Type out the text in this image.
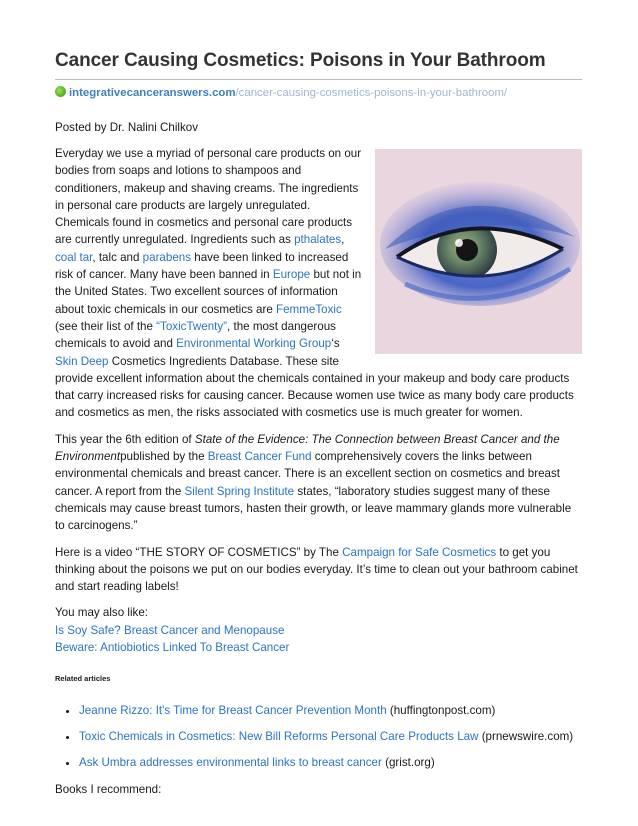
Cancer Causing Cosmetics: Poisons in Your Bathroom
integrativecanceranswers.com/cancer-causing-cosmetics-poisons-in-your-bathroom/
Posted by Dr. Nalini Chilkov

Everyday we use a myriad of personal care products on our bodies from soaps and lotions to shampoos and conditioners, makeup and shaving creams. The ingredients in personal care products are largely unregulated. Chemicals found in cosmetics and personal care products are currently unregulated. Ingredients such as pthalates, coal tar, talc and parabens have been linked to increased risk of cancer. Many have been banned in Europe but not in the United States. Two excellent sources of information about toxic chemicals in our cosmetics are FemmeToxic (see their list of the “ToxicTwenty”, the most dangerous chemicals to avoid and Environmental Working Group‘s Skin Deep Cosmetics Ingredients Database. These site provide excellent information about the chemicals contained in your makeup and body care products that carry increased risks for causing cancer. Because women use twice as many body care products and cosmetics as men, the risks associated with cosmetics use is much greater for women.

This year the 6th edition of State of the Evidence: The Connection between Breast Cancer and the Environmentpublished by the Breast Cancer Fund comprehensively covers the links between environmental chemicals and breast cancer. There is an excellent section on cosmetics and breast cancer. A report from the Silent Spring Institute states, “laboratory studies suggest many of these chemicals may cause breast tumors, hasten their growth, or leave mammary glands more vulnerable to carcinogens.”

Here is a video “THE STORY OF COSMETICS” by The Campaign for Safe Cosmetics to get you thinking about the poisons we put on our bodies everyday. It’s time to clean out your bathroom cabinet and start reading labels!

You may also like:
Is Soy Safe? Breast Cancer and Menopause
Beware: Antiobiotics Linked To Breast Cancer

Related articles
• Jeanne Rizzo: It's Time for Breast Cancer Prevention Month (huffingtonpost.com)
• Toxic Chemicals in Cosmetics: New Bill Reforms Personal Care Products Law (prnewswire.com)
• Ask Umbra addresses environmental links to breast cancer (grist.org)

Books I recommend:
